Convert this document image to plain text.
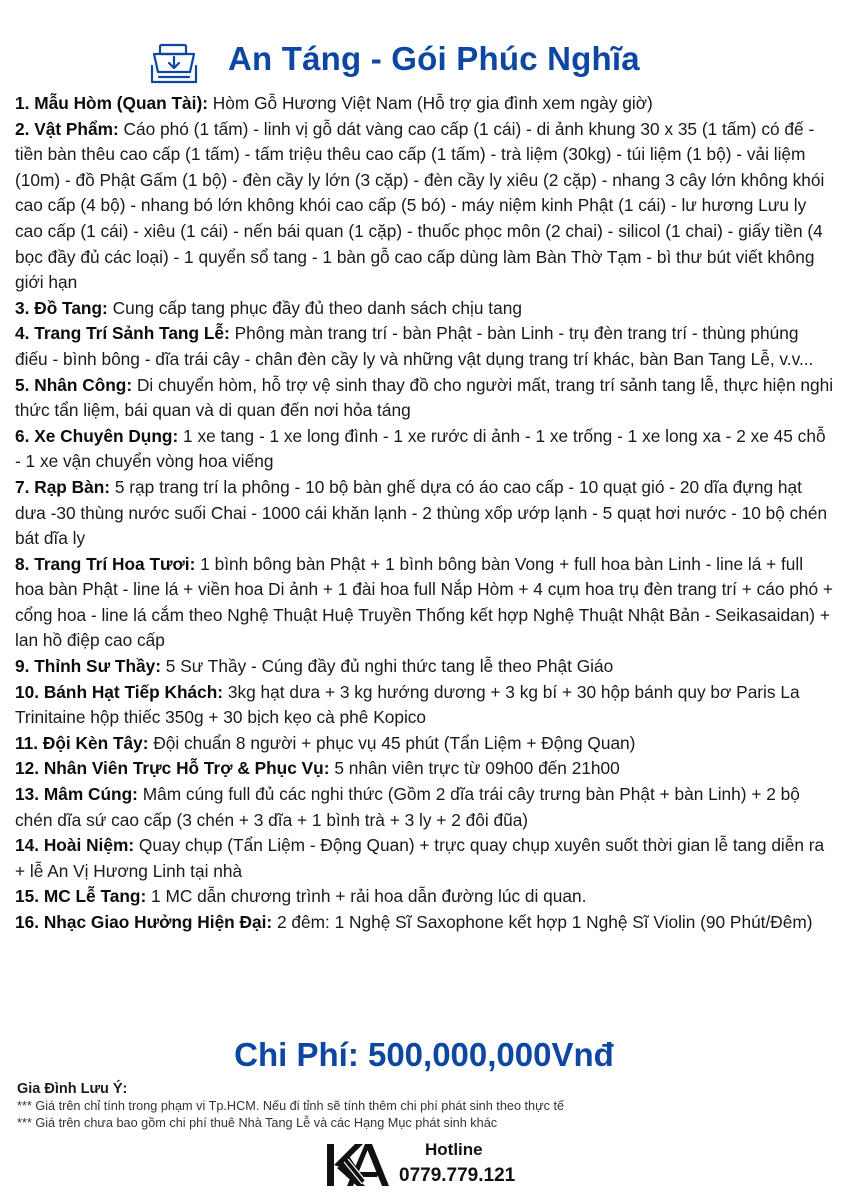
An Táng - Gói Phúc Nghĩa

1. Mẫu Hòm (Quan Tài): Hòm Gỗ Hương Việt Nam (Hỗ trợ gia đình xem ngày giờ)

2. Vật Phẩm: Cáo phó (1 tấm) - linh vị gỗ dát vàng cao cấp (1 cái) - di ảnh khung 30 x 35 (1 tấm) có đế - tiền bàn thêu cao cấp (1 tấm) - tấm triệu thêu cao cấp (1 tấm) - trà liệm (30kg) - túi liệm (1 bộ) - vải liệm (10m) - đồ Phật Gấm (1 bộ) - đèn cầy ly lớn (3 cặp) - đèn cầy ly xiêu (2 cặp) - nhang 3 cây lớn không khói cao cấp (4 bộ) - nhang bó lớn không khói cao cấp (5 bó) - máy niệm kinh Phật (1 cái) - lư hương Lưu ly cao cấp (1 cái) - xiêu (1 cái) - nến bái quan (1 cặp) - thuốc phọc môn (2 chai) - silicol (1 chai) - giấy tiền (4 bọc đầy đủ các loại) - 1 quyển sổ tang - 1 bàn gỗ cao cấp dùng làm Bàn Thờ Tạm - bì thư bút viết không giới hạn

3. Đồ Tang: Cung cấp tang phục đầy đủ theo danh sách chịu tang

4. Trang Trí Sảnh Tang Lễ: Phông màn trang trí - bàn Phật - bàn Linh - trụ đèn trang trí - thùng phúng điếu - bình bông - dĩa trái cây - chân đèn cầy ly và những vật dụng trang trí khác, bàn Ban Tang Lễ, v.v...

5. Nhân Công: Di chuyển hòm, hỗ trợ vệ sinh thay đồ cho người mất, trang trí sảnh tang lễ, thực hiện nghi thức tẩn liệm, bái quan và di quan đến nơi hỏa táng

6. Xe Chuyên Dụng: 1 xe tang - 1 xe long đình - 1 xe rước di ảnh - 1 xe trống - 1 xe long xa - 2 xe 45 chỗ - 1 xe vận chuyển vòng hoa viếng

7. Rạp Bàn: 5 rạp trang trí la phông - 10 bộ bàn ghế dựa có áo cao cấp - 10 quạt gió - 20 dĩa đựng hạt dưa -30 thùng nước suối Chai - 1000 cái khăn lạnh - 2 thùng xốp ướp lạnh - 5 quạt hơi nước - 10 bộ chén bát dĩa ly

8. Trang Trí Hoa Tươi: 1 bình bông bàn Phật + 1 bình bông bàn Vong + full hoa bàn Linh - line lá + full hoa bàn Phật - line lá + viền hoa Di ảnh + 1 đài hoa full Nắp Hòm + 4 cụm hoa trụ đèn trang trí + cáo phó + cổng hoa - line lá cắm theo Nghệ Thuật Huệ Truyền Thống kết hợp Nghệ Thuật Nhật Bản - Seikasaidan) + lan hồ điệp cao cấp

9. Thỉnh Sư Thầy: 5 Sư Thầy - Cúng đầy đủ nghi thức tang lễ theo Phật Giáo

10. Bánh Hạt Tiếp Khách: 3kg hạt dưa + 3 kg hướng dương + 3 kg bí + 30 hộp bánh quy bơ Paris La Trinitaine hộp thiếc 350g + 30 bịch kẹo cà phê Kopico

11. Đội Kèn Tây: Đội chuẩn 8 người + phục vụ 45 phút (Tẩn Liệm + Động Quan)

12. Nhân Viên Trực Hỗ Trợ & Phục Vụ: 5 nhân viên trực từ 09h00 đến 21h00

13. Mâm Cúng: Mâm cúng full đủ các nghi thức (Gồm 2 dĩa trái cây trưng bàn Phật + bàn Linh) + 2 bộ chén dĩa sứ cao cấp (3 chén + 3 dĩa + 1 bình trà + 3 ly + 2 đôi đũa)

14. Hoài Niệm: Quay chụp (Tẩn Liệm - Động Quan) + trực quay chụp xuyên suốt thời gian lễ tang diễn ra + lễ An Vị Hương Linh tại nhà

15. MC Lễ Tang: 1 MC dẫn chương trình + rải hoa dẫn đường lúc di quan.

16. Nhạc Giao Hưởng Hiện Đại: 2 đêm: 1 Nghệ Sĩ Saxophone kết hợp 1 Nghệ Sĩ Violin (90 Phút/Đêm)

Chi Phí: 500,000,000Vnđ

Gia Đình Lưu Ý:

*** Giá trên chỉ tính trong phạm vi Tp.HCM. Nếu đi tỉnh sẽ tính thêm chi phí phát sinh theo thực tế

*** Giá trên chưa bao gồm chi phí thuê Nhà Tang Lễ và các Hạng Mục phát sinh khác

Hotline
0779.779.121
